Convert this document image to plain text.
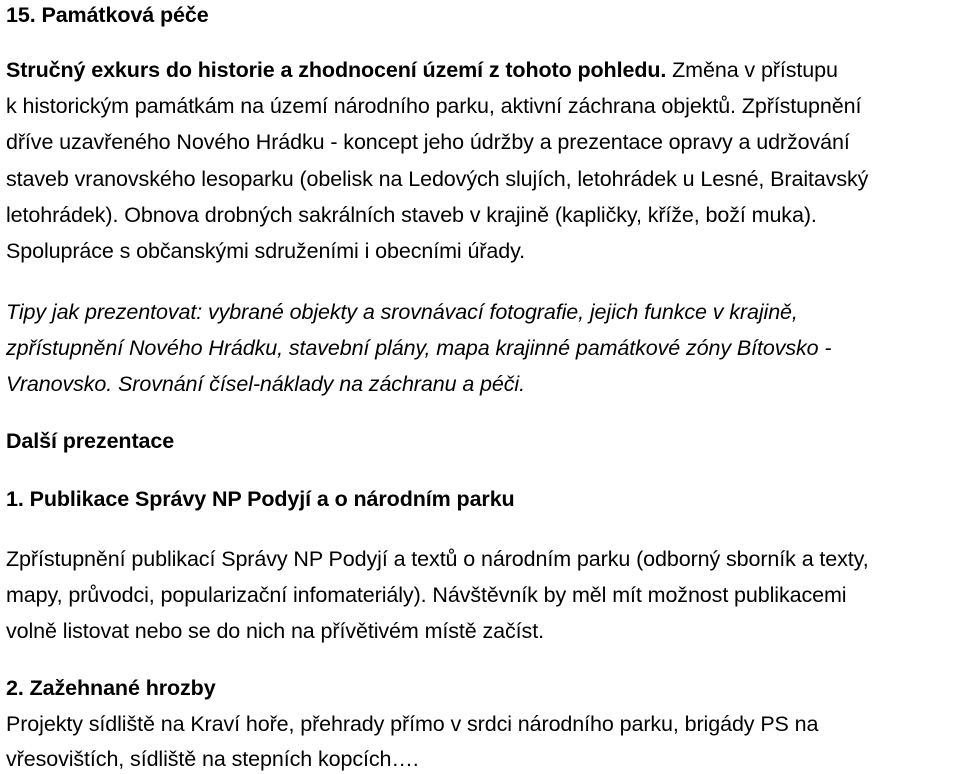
15. Památková péče
Stručný exkurs do historie a zhodnocení území z tohoto pohledu. Změna v přístupu
k historickým památkám na území národního parku, aktivní záchrana objektů. Zpřístupnění
dříve uzavřeného Nového Hrádku - koncept jeho údržby a prezentace opravy a udržování
staveb vranovského lesoparku (obelisk na Ledových slujích, letohrádek u Lesné, Braitavský
letohrádek). Obnova drobných sakrálních staveb v krajině (kapličky, kříže, boží muka).
Spolupráce s občanskými sdruženími i obecními úřady.
Tipy jak prezentovat: vybrané objekty a srovnávací fotografie, jejich funkce v krajině,
zpřístupnění Nového Hrádku, stavební plány, mapa krajinné památkové zóny Bítovsko -
Vranovsko. Srovnání čísel-náklady na záchranu a péči.
Další prezentace
1. Publikace Správy NP Podyjí a o národním parku
Zpřístupnění publikací Správy NP Podyjí a textů o národním parku (odborný sborník a texty,
mapy, průvodci, popularizační infomateriály). Návštěvník by měl mít možnost publikacemi
volně listovat nebo se do nich na přívětivém místě začíst.
2. Zažehnané hrozby
Projekty sídliště na Kraví hoře, přehrady přímo v srdci národního parku, brigády PS na
vřesovištích, sídliště na stepních kopcích….
